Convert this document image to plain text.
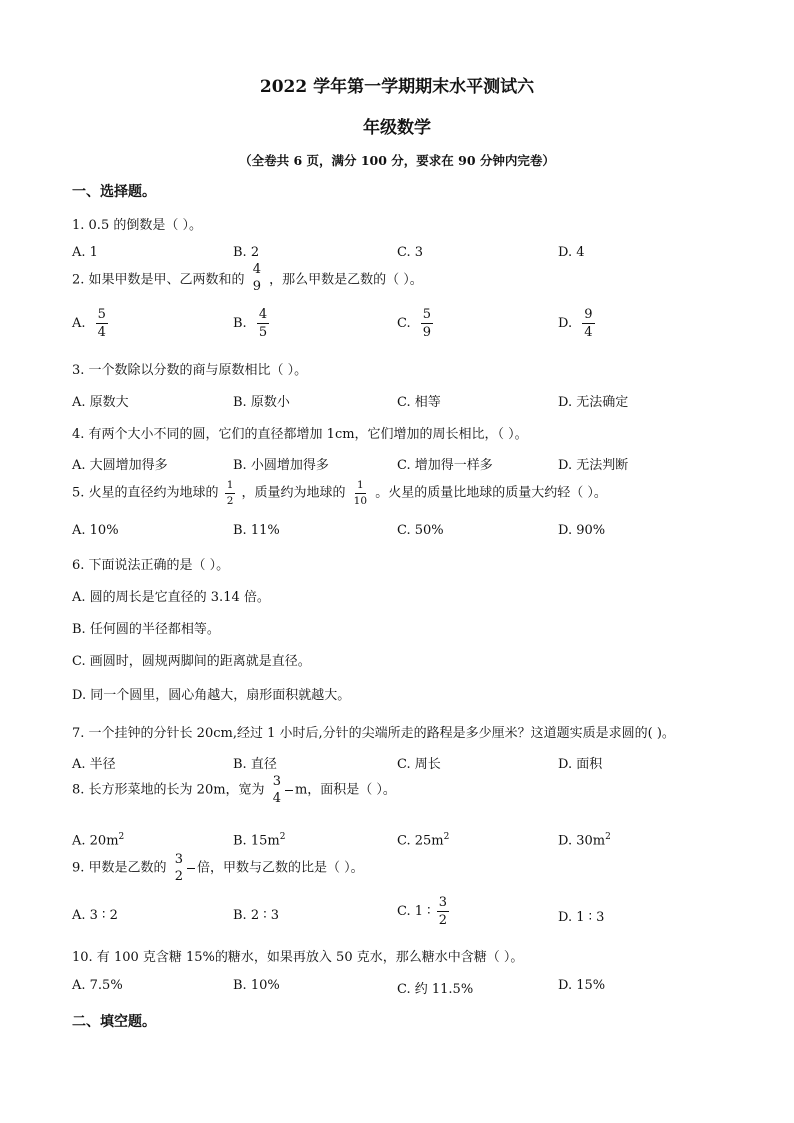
2022 学年第一学期期末水平测试六
年级数学
（全卷共 6 页，满分 100 分，要求在 90 分钟内完卷）
一、选择题。
1. 0.5 的倒数是（ ）。
A. 1	B. 2	C. 3	D. 4
2. 如果甲数是甲、乙两数和的
4
9 ，那么甲数是乙数的（ ）。
A. $\frac{5}{4}$	B. $\frac{4}{5}$	C. $\frac{5}{9}$	D. $\frac{9}{4}$
3. 一个数除以分数的商与原数相比（ ）。
A. 原数大	B. 原数小	C. 相等	D. 无法确定
4. 有两个大小不同的圆，它们的直径都增加 1cm，它们增加的周长相比，（ ）。
A. 大圆增加得多	B. 小圆增加得多	C. 增加得一样多	D. 无法判断
5. 火星的直径约为地球的 $\frac{1}{2}$ ，质量约为地球的 $\frac{1}{10}$ 。火星的质量比地球的质量大约轻（ ）。
A. 10%	B. 11%	C. 50%	D. 90%
6. 下面说法正确的是（ ）。
A. 圆的周长是它直径的 3.14 倍。
B. 任何圆的半径都相等。
C. 画圆时，圆规两脚间的距离就是直径。
D. 同一个圆里，圆心角越大，扇形面积就越大。
7. 一个挂钟的分针长 20cm,经过 1 小时后,分针的尖端所走的路程是多少厘米？这道题实质是求圆的( )。
A. 半径	B. 直径	C. 周长	D. 面积
8. 长方形菜地的长为 20m，宽为
3
4
m，面积是（ ）。
A. $20m^2$	B. $15m^2$	C. $25m^2$	D. $30m^2$
9. 甲数是乙数的
3
2
倍，甲数与乙数的比是（ ）。
A. 3 ∶ 2	B. 2 ∶ 3	C. 1 ∶ $\frac{3}{2}$	D. 1 ∶ 3
10. 有 100 克含糖 15%的糖水，如果再放入 50 克水，那么糖水中含糖（ ）。
A. 7.5%	B. 10%	C. 约 11.5%	D. 15%
二、填空题。
